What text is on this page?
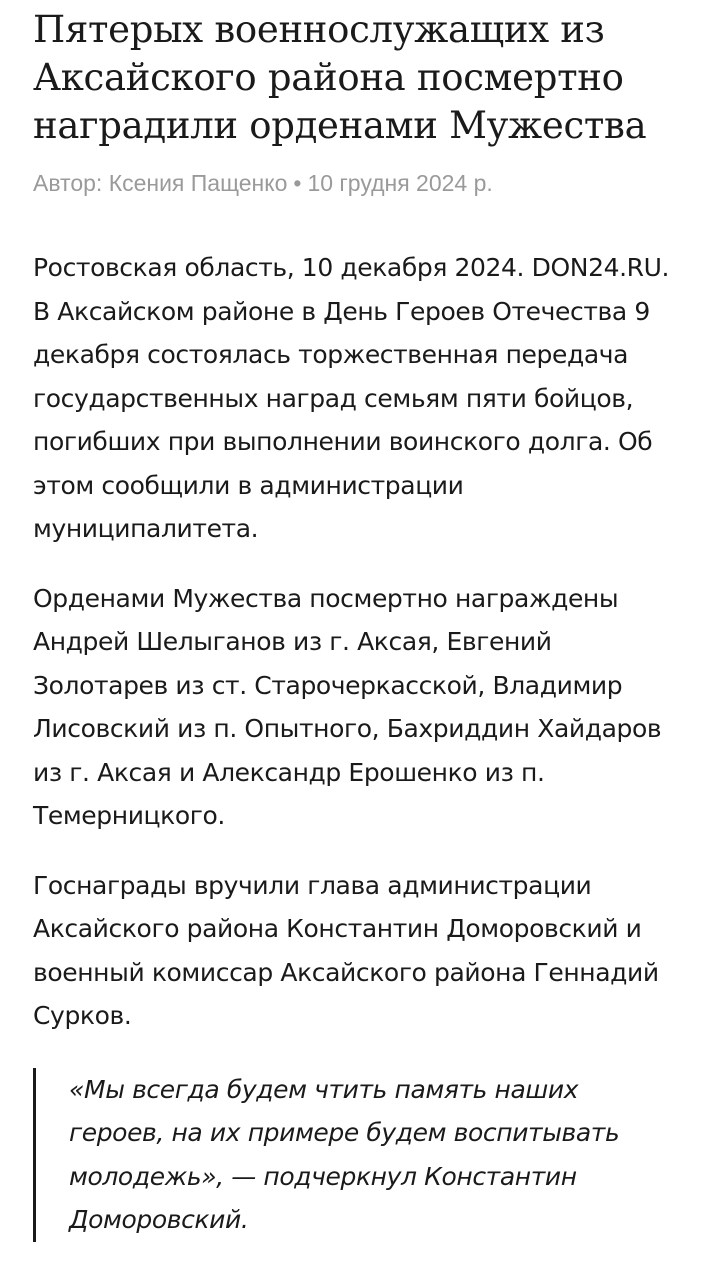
Пятерых военнослужащих из Аксайского района посмертно наградили орденами Мужества
Автор: Ксения Пащенко • 10 грудня 2024 р.

Ростовская область, 10 декабря 2024. DON24.RU. В Аксайском районе в День Героев Отечества 9 декабря состоялась торжественная передача государственных наград семьям пяти бойцов, погибших при выполнении воинского долга. Об этом сообщили в администрации муниципалитета.

Орденами Мужества посмертно награждены Андрей Шелыганов из г. Аксая, Евгений Золотарев из ст. Старочеркасской, Владимир Лисовский из п. Опытного, Бахриддин Хайдаров из г. Аксая и Александр Ерошенко из п. Темерницкого.

Госнаграды вручили глава администрации Аксайского района Константин Доморовский и военный комиссар Аксайского района Геннадий Сурков.

«Мы всегда будем чтить память наших героев, на их примере будем воспитывать молодежь», — подчеркнул Константин Доморовский.
